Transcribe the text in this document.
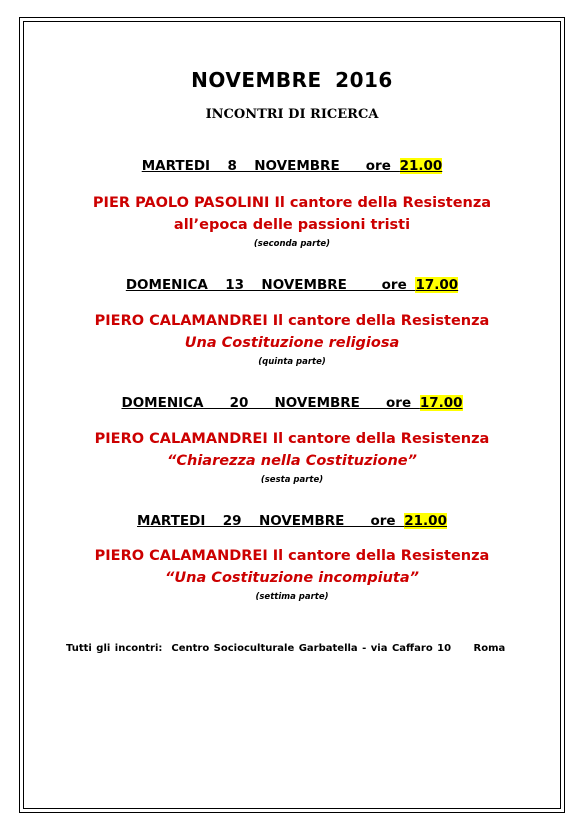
NOVEMBRE 2016
INCONTRI DI RICERCA
MARTEDI  8  NOVEMBRE   ore 21.00
PIER PAOLO PASOLINI Il cantore della Resistenza
all’epoca delle passioni tristi
(seconda parte)
DOMENICA  13  NOVEMBRE    ore 17.00
PIERO CALAMANDREI Il cantore della Resistenza
Una Costituzione religiosa
(quinta parte)
DOMENICA   20   NOVEMBRE   ore 17.00
PIERO CALAMANDREI Il cantore della Resistenza
“Chiarezza nella Costituzione”
(sesta parte)
MARTEDI  29  NOVEMBRE   ore 21.00
PIERO CALAMANDREI Il cantore della Resistenza
“Una Costituzione incompiuta”
(settima parte)
Tutti gli incontri:  Centro Socioculturale Garbatella - via Caffaro 10     Roma
